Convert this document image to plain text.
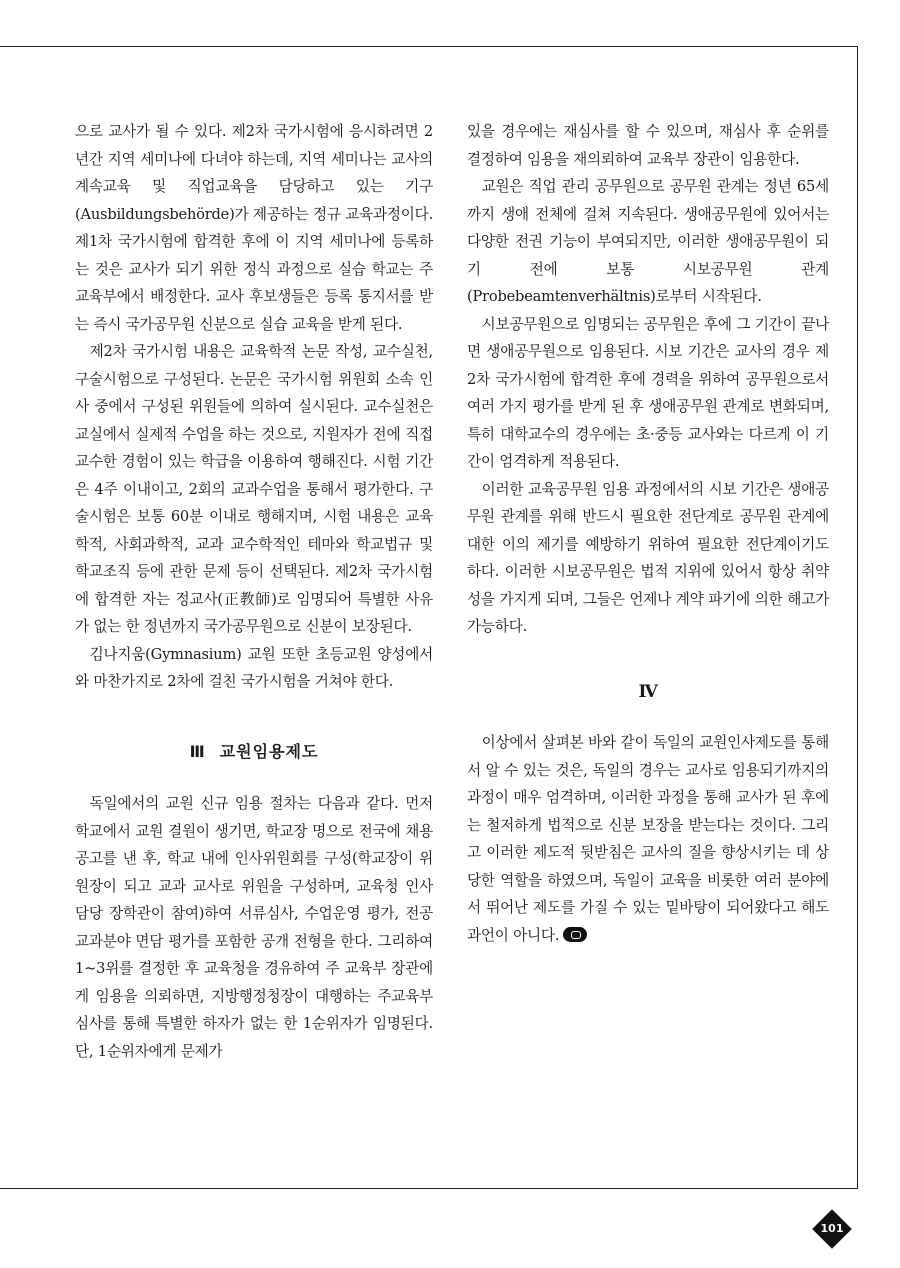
으로 교사가 될 수 있다. 제2차 국가시험에 응시하려면 2년간 지역 세미나에 다녀야 하는데, 지역 세미나는 교사의 계속교육 및 직업교육을 담당하고 있는 기구(Ausbildungsbehörde)가 제공하는 정규 교육과정이다. 제1차 국가시험에 합격한 후에 이 지역 세미나에 등록하는 것은 교사가 되기 위한 정식 과정으로 실습 학교는 주 교육부에서 배정한다. 교사 후보생들은 등록 통지서를 받는 즉시 국가공무원 신분으로 실습 교육을 받게 된다.

제2차 국가시험 내용은 교육학적 논문 작성, 교수실천, 구술시험으로 구성된다. 논문은 국가시험 위원회 소속 인사 중에서 구성된 위원들에 의하여 실시된다. 교수실천은 교실에서 실제적 수업을 하는 것으로, 지원자가 전에 직접 교수한 경험이 있는 학급을 이용하여 행해진다. 시험 기간은 4주 이내이고, 2회의 교과수업을 통해서 평가한다. 구술시험은 보통 60분 이내로 행해지며, 시험 내용은 교육학적, 사회과학적, 교과 교수학적인 테마와 학교법규 및 학교조직 등에 관한 문제 등이 선택된다. 제2차 국가시험에 합격한 자는 정교사(正教師)로 임명되어 특별한 사유가 없는 한 정년까지 국가공무원으로 신분이 보장된다.

김나지움(Gymnasium) 교원 또한 초등교원 양성에서와 마찬가지로 2차에 걸친 국가시험을 거쳐야 한다.

Ⅲ 교원임용제도

독일에서의 교원 신규 임용 절차는 다음과 같다. 먼저 학교에서 교원 결원이 생기면, 학교장 명으로 전국에 채용 공고를 낸 후, 학교 내에 인사위원회를 구성(학교장이 위원장이 되고 교과 교사로 위원을 구성하며, 교육청 인사 담당 장학관이 참여)하여 서류심사, 수업운영 평가, 전공교과분야 면담 평가를 포함한 공개 전형을 한다. 그리하여 1~3위를 결정한 후 교육청을 경유하여 주 교육부 장관에게 임용을 의뢰하면, 지방행정청장이 대행하는 주교육부 심사를 통해 특별한 하자가 없는 한 1순위자가 임명된다. 단, 1순위자에게 문제가

있을 경우에는 재심사를 할 수 있으며, 재심사 후 순위를 결정하여 임용을 재의뢰하여 교육부 장관이 임용한다.

교원은 직업 관리 공무원으로 공무원 관계는 정년 65세까지 생애 전체에 걸쳐 지속된다. 생애공무원에 있어서는 다양한 전권 기능이 부여되지만, 이러한 생애공무원이 되기 전에 보통 시보공무원 관계(Probebeamtenverhältnis)로부터 시작된다.

시보공무원으로 임명되는 공무원은 후에 그 기간이 끝나면 생애공무원으로 임용된다. 시보 기간은 교사의 경우 제2차 국가시험에 합격한 후에 경력을 위하여 공무원으로서 여러 가지 평가를 받게 된 후 생애공무원 관계로 변화되며, 특히 대학교수의 경우에는 초·중등 교사와는 다르게 이 기간이 엄격하게 적용된다.

이러한 교육공무원 임용 과정에서의 시보 기간은 생애공무원 관계를 위해 반드시 필요한 전단계로 공무원 관계에 대한 이의 제기를 예방하기 위하여 필요한 전단계이기도 하다. 이러한 시보공무원은 법적 지위에 있어서 항상 취약성을 가지게 되며, 그들은 언제나 계약 파기에 의한 해고가 가능하다.

Ⅳ

이상에서 살펴본 바와 같이 독일의 교원인사제도를 통해서 알 수 있는 것은, 독일의 경우는 교사로 임용되기까지의 과정이 매우 엄격하며, 이러한 과정을 통해 교사가 된 후에는 철저하게 법적으로 신분 보장을 받는다는 것이다. 그리고 이러한 제도적 뒷받침은 교사의 질을 향상시키는 데 상당한 역할을 하였으며, 독일이 교육을 비롯한 여러 분야에서 뛰어난 제도를 가질 수 있는 밑바탕이 되어왔다고 해도 과언이 아니다.

101
